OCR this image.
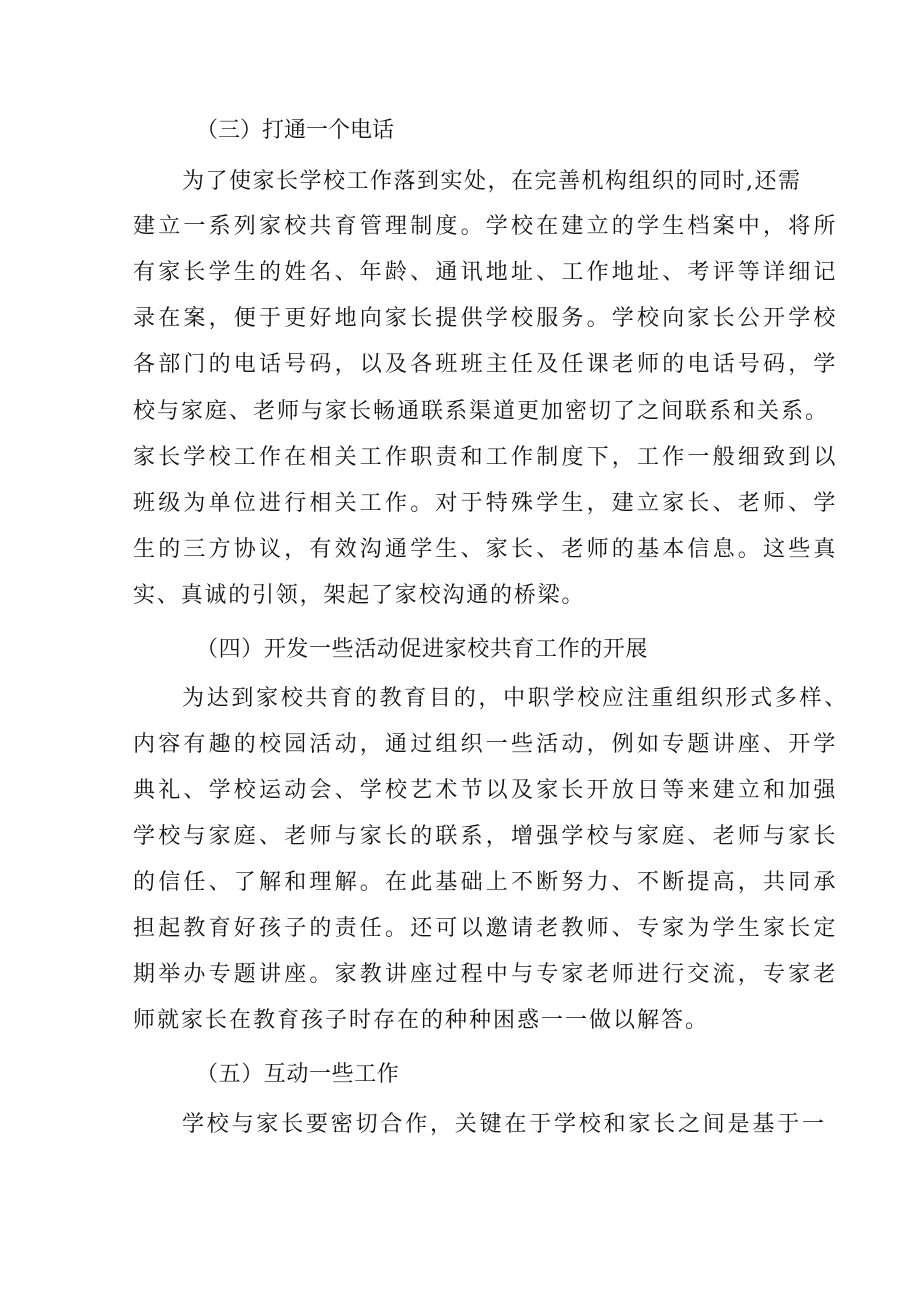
（三）打通一个电话

为了使家长学校工作落到实处，在完善机构组织的同时,还需

建立一系列家校共育管理制度。学校在建立的学生档案中，将所

有家长学生的姓名、年龄、通讯地址、工作地址、考评等详细记

录在案，便于更好地向家长提供学校服务。学校向家长公开学校

各部门的电话号码，以及各班班主任及任课老师的电话号码，学

校与家庭、老师与家长畅通联系渠道更加密切了之间联系和关系。

家长学校工作在相关工作职责和工作制度下，工作一般细致到以

班级为单位进行相关工作。对于特殊学生，建立家长、老师、学

生的三方协议，有效沟通学生、家长、老师的基本信息。这些真

实、真诚的引领，架起了家校沟通的桥梁。

（四）开发一些活动促进家校共育工作的开展

为达到家校共育的教育目的，中职学校应注重组织形式多样、

内容有趣的校园活动，通过组织一些活动，例如专题讲座、开学

典礼、学校运动会、学校艺术节以及家长开放日等来建立和加强

学校与家庭、老师与家长的联系，增强学校与家庭、老师与家长

的信任、了解和理解。在此基础上不断努力、不断提高，共同承

担起教育好孩子的责任。还可以邀请老教师、专家为学生家长定

期举办专题讲座。家教讲座过程中与专家老师进行交流，专家老

师就家长在教育孩子时存在的种种困惑一一做以解答。

（五）互动一些工作

学校与家长要密切合作，关键在于学校和家长之间是基于一
